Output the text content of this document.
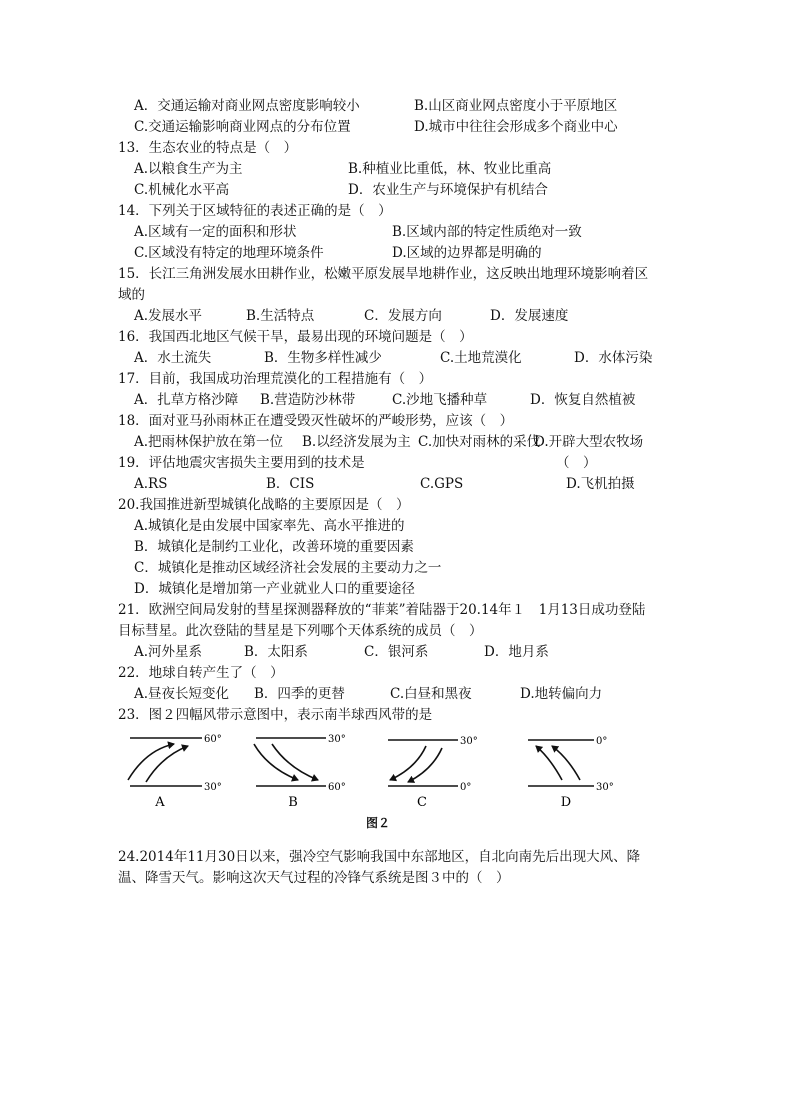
A．交通运输对商业网点密度影响较小	B.山区商业网点密度小于平原地区
C.交通运输影响商业网点的分布位置	D.城市中往往会形成多个商业中心
13．生态农业的特点是（　）
A.以粮食生产为主	B.种植业比重低，林、牧业比重高
C.机械化水平高	D．农业生产与环境保护有机结合
14．下列关于区域特征的表述正确的是（　）
A.区域有一定的面积和形状	B.区域内部的特定性质绝对一致
C.区域没有特定的地理环境条件	D.区域的边界都是明确的
15．长江三角洲发展水田耕作业，松嫩平原发展旱地耕作业，这反映出地理环境影响着区
域的
A.发展水平	B.生活特点	C．发展方向	D．发展速度
16．我国西北地区气候干旱，最易出现的环境问题是（　）
A．水土流失	B．生物多样性减少	C.土地荒漠化	D．水体污染
17．目前，我国成功治理荒漠化的工程措施有（　）
A．扎草方格沙障 B.营造防沙林带	C.沙地飞播种草	D．恢复自然植被
18．面对亚马孙雨林正在遭受毁灭性破坏的严峻形势，应该（　）
A.把雨林保护放在第一位 B.以经济发展为主 C.加快对雨林的采伐
D.开辟大型农牧场
19．评估地震灾害损失主要用到的技术是	（　）
A.RS	B．CIS	C.GPS	D.飞机拍摄
20.我国推进新型城镇化战略的主要原因是（　）
A.城镇化是由发展中国家率先、高水平推进的
B．城镇化是制约工业化，改善环境的重要因素
C．城镇化是推动区域经济社会发展的主要动力之一
D．城镇化是增加第一产业就业人口的重要途径
21．欧洲空间局发射的彗星探测器释放的“菲莱”着陆器于20.14年１　1月13日成功登陆
目标彗星。此次登陆的彗星是下列哪个天体系统的成员（　）
A.河外星系	B．太阳系	C．银河系	D．地月系
22．地球自转产生了（　）
A.昼夜长短变化 B．四季的更替	C.白昼和黑夜	D.地转偏向力
23．图２四幅风带示意图中，表示南半球西风带的是
60°
30°
A
30°
60°
B
30°
0°
C
0°
30°
D
图２
24.2014年11月30日以来，强冷空气影响我国中东部地区，自北向南先后出现大风、降
温、降雪天气。影响这次天气过程的冷锋气系统是图３中的（　）
